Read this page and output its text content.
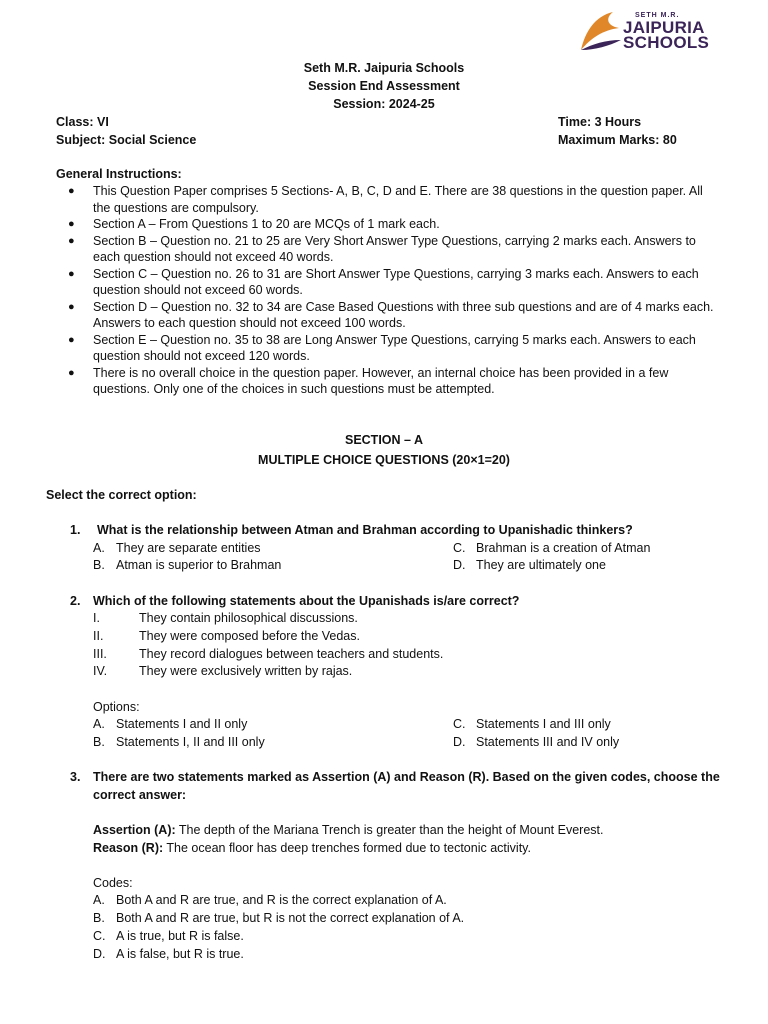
SETH M.R.
JAIPURIA
SCHOOLS
Seth M.R. Jaipuria Schools
Session End Assessment
Session: 2024-25
Class: VI
Subject: Social Science
Time: 3 Hours
Maximum Marks: 80
General Instructions:
● This Question Paper comprises 5 Sections- A, B, C, D and E. There are 38 questions in the question paper. All the questions are compulsory.
● Section A – From Questions 1 to 20 are MCQs of 1 mark each.
● Section B – Question no. 21 to 25 are Very Short Answer Type Questions, carrying 2 marks each. Answers to each question should not exceed 40 words.
● Section C – Question no. 26 to 31 are Short Answer Type Questions, carrying 3 marks each. Answers to each question should not exceed 60 words.
● Section D – Question no. 32 to 34 are Case Based Questions with three sub questions and are of 4 marks each. Answers to each question should not exceed 100 words.
● Section E – Question no. 35 to 38 are Long Answer Type Questions, carrying 5 marks each. Answers to each question should not exceed 120 words.
● There is no overall choice in the question paper. However, an internal choice has been provided in a few questions. Only one of the choices in such questions must be attempted.
SECTION – A
MULTIPLE CHOICE QUESTIONS (20×1=20)
Select the correct option:
1. What is the relationship between Atman and Brahman according to Upanishadic thinkers?
A. They are separate entities
B. Atman is superior to Brahman
C. Brahman is a creation of Atman
D. They are ultimately one
2. Which of the following statements about the Upanishads is/are correct?
I.	They contain philosophical discussions.
II.	They were composed before the Vedas.
III.	They record dialogues between teachers and students.
IV.	They were exclusively written by rajas.
Options:
A. Statements I and II only
B. Statements I, II and III only
C. Statements I and III only
D. Statements III and IV only
3. There are two statements marked as Assertion (A) and Reason (R). Based on the given codes, choose the
correct answer:
Assertion (A): The depth of the Mariana Trench is greater than the height of Mount Everest.
Reason (R): The ocean floor has deep trenches formed due to tectonic activity.
Codes:
A. Both A and R are true, and R is the correct explanation of A.
B. Both A and R are true, but R is not the correct explanation of A.
C. A is true, but R is false.
D. A is false, but R is true.
